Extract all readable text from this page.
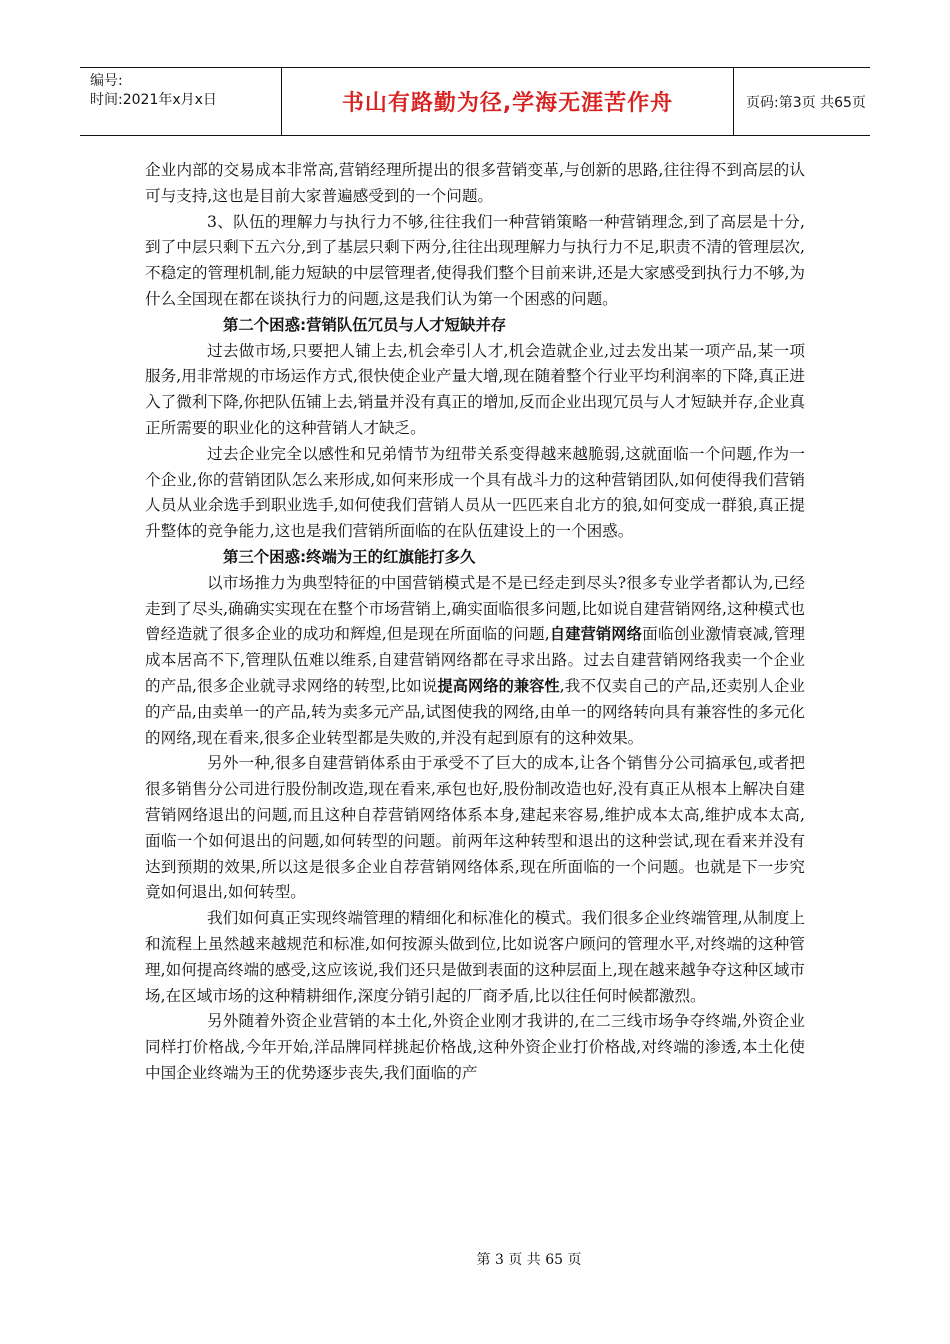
编号:
时间:2021年x月x日	书山有路勤为径,学海无涯苦作舟	页码:第3页 共65页

企业内部的交易成本非常高,营销经理所提出的很多营销变革,与创新的思路,往往得不到高层的认可与支持,这也是目前大家普遍感受到的一个问题。

3、队伍的理解力与执行力不够,往往我们一种营销策略一种营销理念,到了高层是十分,到了中层只剩下五六分,到了基层只剩下两分,往往出现理解力与执行力不足,职责不清的管理层次,不稳定的管理机制,能力短缺的中层管理者,使得我们整个目前来讲,还是大家感受到执行力不够,为什么全国现在都在谈执行力的问题,这是我们认为第一个困惑的问题。

第二个困惑:营销队伍冗员与人才短缺并存

过去做市场,只要把人铺上去,机会牵引人才,机会造就企业,过去发出某一项产品,某一项服务,用非常规的市场运作方式,很快使企业产量大增,现在随着整个行业平均利润率的下降,真正进入了微利下降,你把队伍铺上去,销量并没有真正的增加,反而企业出现冗员与人才短缺并存,企业真正所需要的职业化的这种营销人才缺乏。

过去企业完全以感性和兄弟情节为纽带关系变得越来越脆弱,这就面临一个问题,作为一个企业,你的营销团队怎么来形成,如何来形成一个具有战斗力的这种营销团队,如何使得我们营销人员从业余选手到职业选手,如何使我们营销人员从一匹匹来自北方的狼,如何变成一群狼,真正提升整体的竞争能力,这也是我们营销所面临的在队伍建设上的一个困惑。

第三个困惑:终端为王的红旗能打多久

以市场推力为典型特征的中国营销模式是不是已经走到尽头?很多专业学者都认为,已经走到了尽头,确确实实现在在整个市场营销上,确实面临很多问题,比如说自建营销网络,这种模式也曾经造就了很多企业的成功和辉煌,但是现在所面临的问题,自建营销网络面临创业激情衰减,管理成本居高不下,管理队伍难以维系,自建营销网络都在寻求出路。过去自建营销网络我卖一个企业的产品,很多企业就寻求网络的转型,比如说提高网络的兼容性,我不仅卖自己的产品,还卖别人企业的产品,由卖单一的产品,转为卖多元产品,试图使我的网络,由单一的网络转向具有兼容性的多元化的网络,现在看来,很多企业转型都是失败的,并没有起到原有的这种效果。

另外一种,很多自建营销体系由于承受不了巨大的成本,让各个销售分公司搞承包,或者把很多销售分公司进行股份制改造,现在看来,承包也好,股份制改造也好,没有真正从根本上解决自建营销网络退出的问题,而且这种自荐营销网络体系本身,建起来容易,维护成本太高,维护成本太高,面临一个如何退出的问题,如何转型的问题。前两年这种转型和退出的这种尝试,现在看来并没有达到预期的效果,所以这是很多企业自荐营销网络体系,现在所面临的一个问题。也就是下一步究竟如何退出,如何转型。

我们如何真正实现终端管理的精细化和标准化的模式。我们很多企业终端管理,从制度上和流程上虽然越来越规范和标准,如何按源头做到位,比如说客户顾问的管理水平,对终端的这种管理,如何提高终端的感受,这应该说,我们还只是做到表面的这种层面上,现在越来越争夺这种区域市场,在区域市场的这种精耕细作,深度分销引起的厂商矛盾,比以往任何时候都激烈。

另外随着外资企业营销的本土化,外资企业刚才我讲的,在二三线市场争夺终端,外资企业同样打价格战,今年开始,洋品牌同样挑起价格战,这种外资企业打价格战,对终端的渗透,本土化使中国企业终端为王的优势逐步丧失,我们面临的产

第 3 页 共 65 页
